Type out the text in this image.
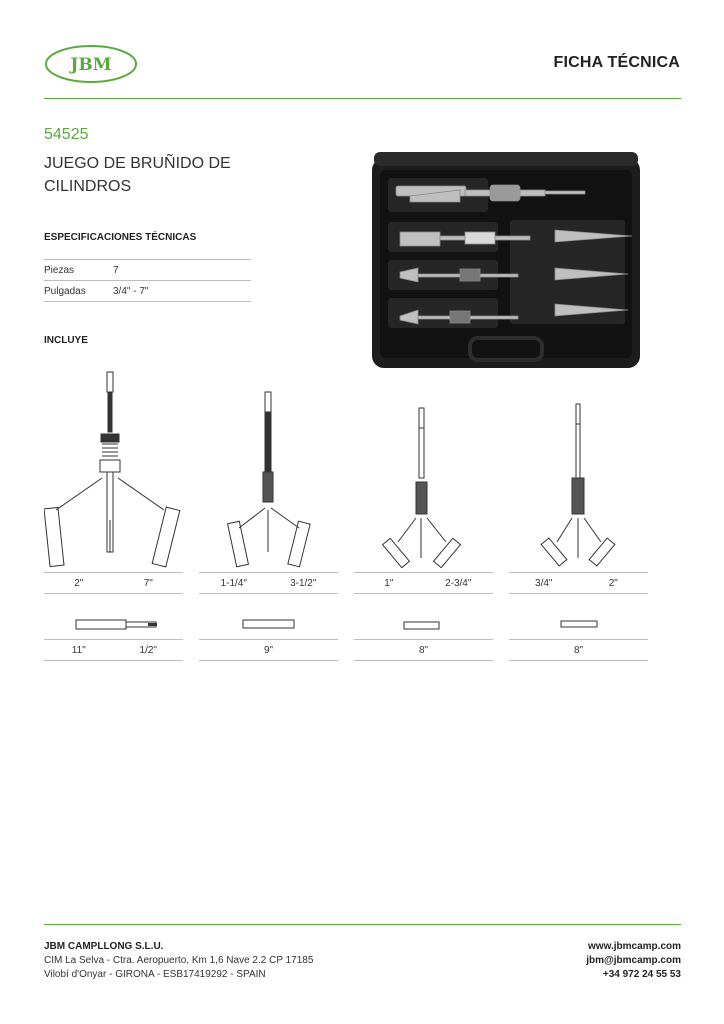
JBM	FICHA TÉCNICA
54525
JUEGO DE BRUÑIDO DE CILINDROS
ESPECIFICACIONES TÉCNICAS
Piezas	7
Pulgadas	3/4" - 7"
INCLUYE
2"	7"
11"	1/2"
1-1/4"	3-1/2"
9"
1"	2-3/4"
8"
3/4"	2"
8"
JBM CAMPLLONG S.L.U.
CIM La Selva - Ctra. Aeropuerto, Km 1,6 Nave 2.2 CP 17185
Vilobí d'Onyar - GIRONA - ESB17419292 - SPAIN
www.jbmcamp.com
jbm@jbmcamp.com
+34 972 24 55 53
